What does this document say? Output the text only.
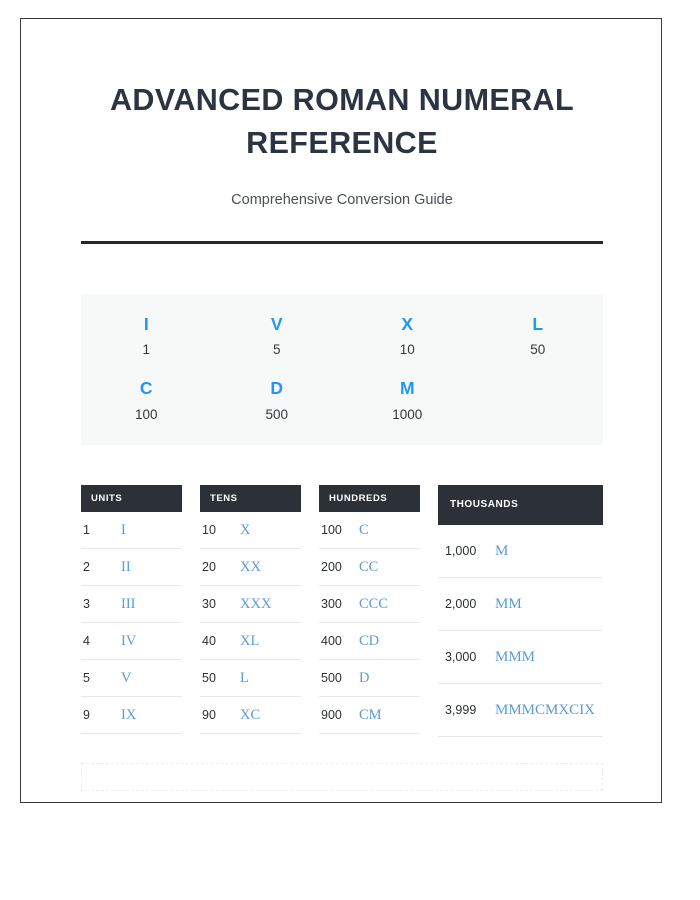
ADVANCED ROMAN NUMERAL REFERENCE
Comprehensive Conversion Guide
I
1
V
5
X
10
L
50
C
100
D
500
M
1000
UNITS
1	I
2	II
3	III
4	IV
5	V
9	IX
TENS
10	X
20	XX
30	XXX
40	XL
50	L
90	XC
HUNDREDS
100	C
200	CC
300	CCC
400	CD
500	D
900	CM
THOUSANDS
1,000	M
2,000	MM
3,000	MMM
3,999	MMMCMXCIX
